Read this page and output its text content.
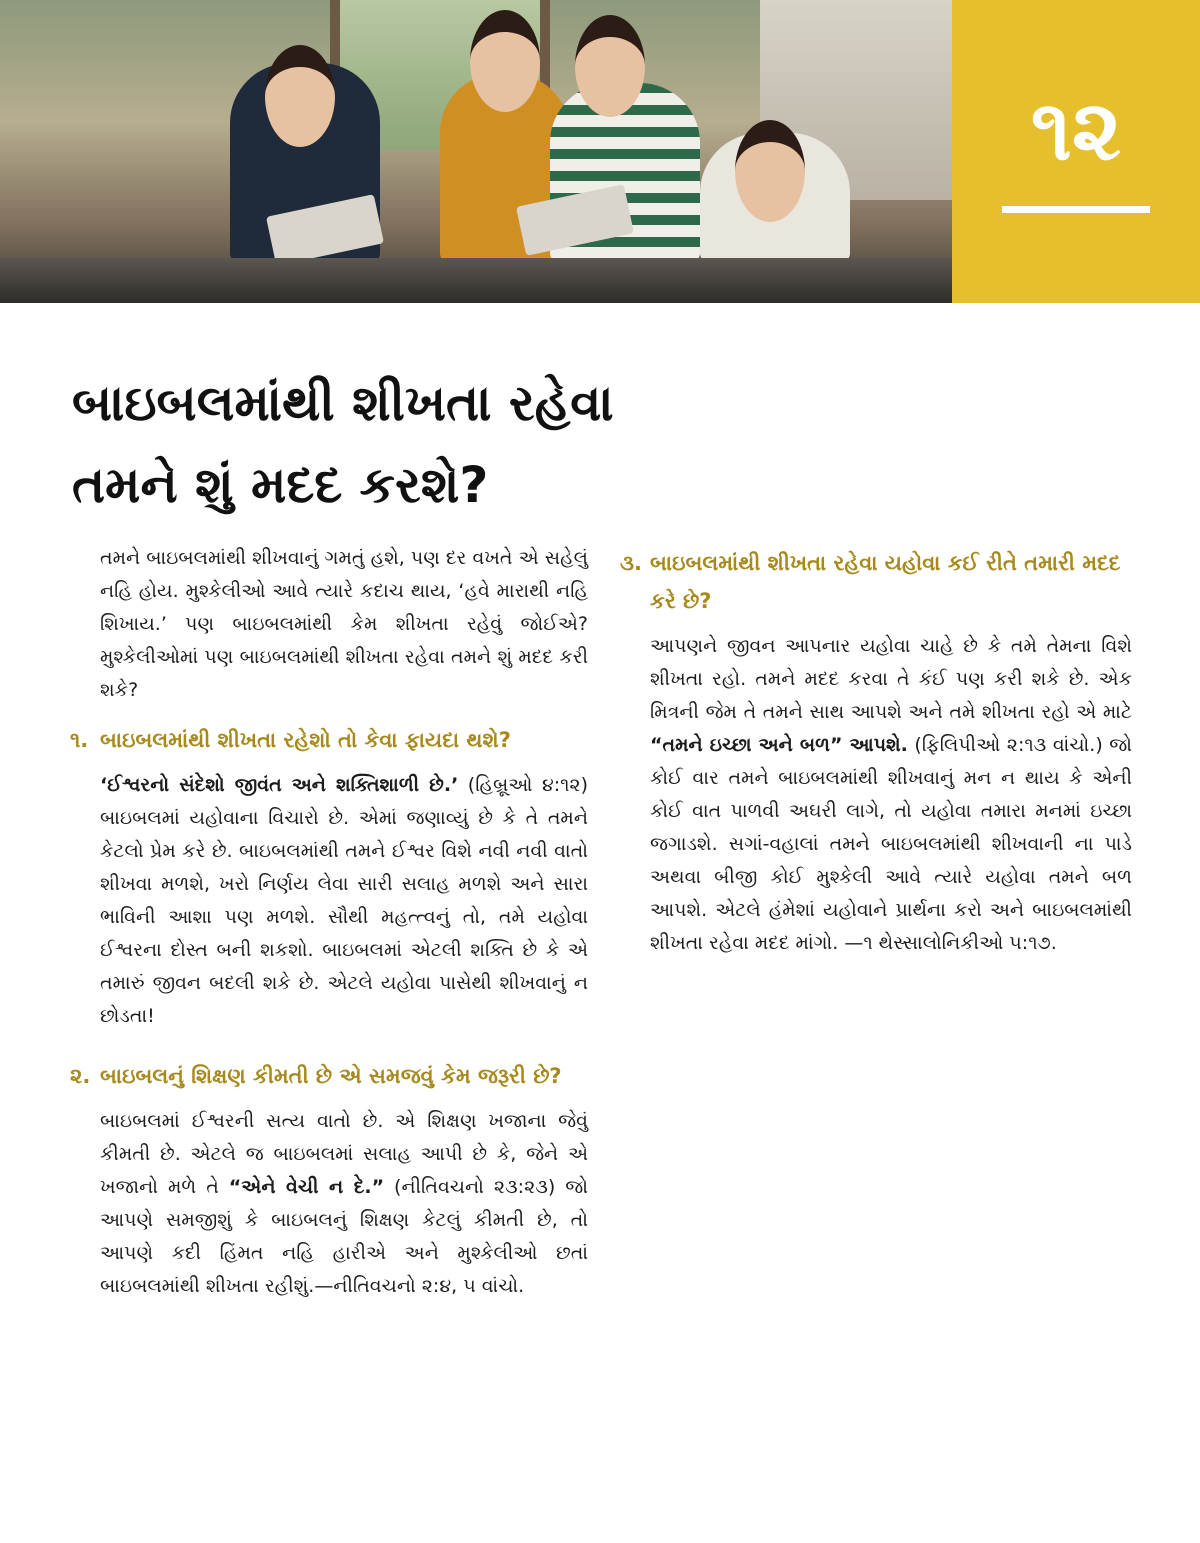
૧૨
બાઇબલમાંથી શીખતા રહેવા
તમને શું મદદ કરશે?

તમને બાઇબલમાંથી શીખવાનું ગમતું હશે, પણ દર વખતે એ સહેલું નહિ હોય. મુશ્કેલીઓ આવે ત્યારે કદાચ થાય, ‘હવે મારાથી નહિ શિખાય.’ પણ બાઇબલમાંથી કેમ શીખતા રહેવું જોઈએ? મુશ્કેલીઓમાં પણ બાઇબલમાંથી શીખતા રહેવા તમને શું મદદ કરી શકે?

૧. બાઇબલમાંથી શીખતા રહેશો તો કેવા ફાયદા થશે?

‘ઈશ્વરનો સંદેશો જીવંત અને શક્તિશાળી છે.’ (હિબ્રૂઓ ૪:૧૨) બાઇબલમાં યહોવાના વિચારો છે. એમાં જણાવ્યું છે કે તે તમને કેટલો પ્રેમ કરે છે. બાઇબલમાંથી તમને ઈશ્વર વિશે નવી નવી વાતો શીખવા મળશે, ખરો નિર્ણય લેવા સારી સલાહ મળશે અને સારા ભાવિની આશા પણ મળશે. સૌથી મહત્ત્વનું તો, તમે યહોવા ઈશ્વરના દોસ્ત બની શકશો. બાઇબલમાં એટલી શક્તિ છે કે એ તમારું જીવન બદલી શકે છે. એટલે યહોવા પાસેથી શીખવાનું ન છોડતા!

૨. બાઇબલનું શિક્ષણ કીમતી છે એ સમજવું કેમ જરૂરી છે?

બાઇબલમાં ઈશ્વરની સત્ય વાતો છે. એ શિક્ષણ ખજાના જેવું કીમતી છે. એટલે જ બાઇબલમાં સલાહ આપી છે કે, જેને એ ખજાનો મળે તે “એને વેચી ન દે.” (નીતિવચનો ૨૩:૨૩) જો આપણે સમજીશું કે બાઇબલનું શિક્ષણ કેટલું કીમતી છે, તો આપણે કદી હિંમત નહિ હારીએ અને મુશ્કેલીઓ છતાં બાઇબલમાંથી શીખતા રહીશું.—નીતિવચનો ૨:૪, ૫ વાંચો.

૩. બાઇબલમાંથી શીખતા રહેવા યહોવા કઈ રીતે તમારી મદદ કરે છે?

આપણને જીવન આપનાર યહોવા ચાહે છે કે તમે તેમના વિશે શીખતા રહો. તમને મદદ કરવા તે કંઈ પણ કરી શકે છે. એક મિત્રની જેમ તે તમને સાથ આપશે અને તમે શીખતા રહો એ માટે “તમને ઇચ્છા અને બળ” આપશે. (ફિલિપીઓ ૨:૧૩ વાંચો.) જો કોઈ વાર તમને બાઇબલમાંથી શીખવાનું મન ન થાય કે એની કોઈ વાત પાળવી અઘરી લાગે, તો યહોવા તમારા મનમાં ઇચ્છા જગાડશે. સગાં-વહાલાં તમને બાઇબલમાંથી શીખવાની ના પાડે અથવા બીજી કોઈ મુશ્કેલી આવે ત્યારે યહોવા તમને બળ આપશે. એટલે હંમેશાં યહોવાને પ્રાર્થના કરો અને બાઇબલમાંથી શીખતા રહેવા મદદ માંગો. —૧ થેસ્સાલોનિકીઓ ૫:૧૭.
